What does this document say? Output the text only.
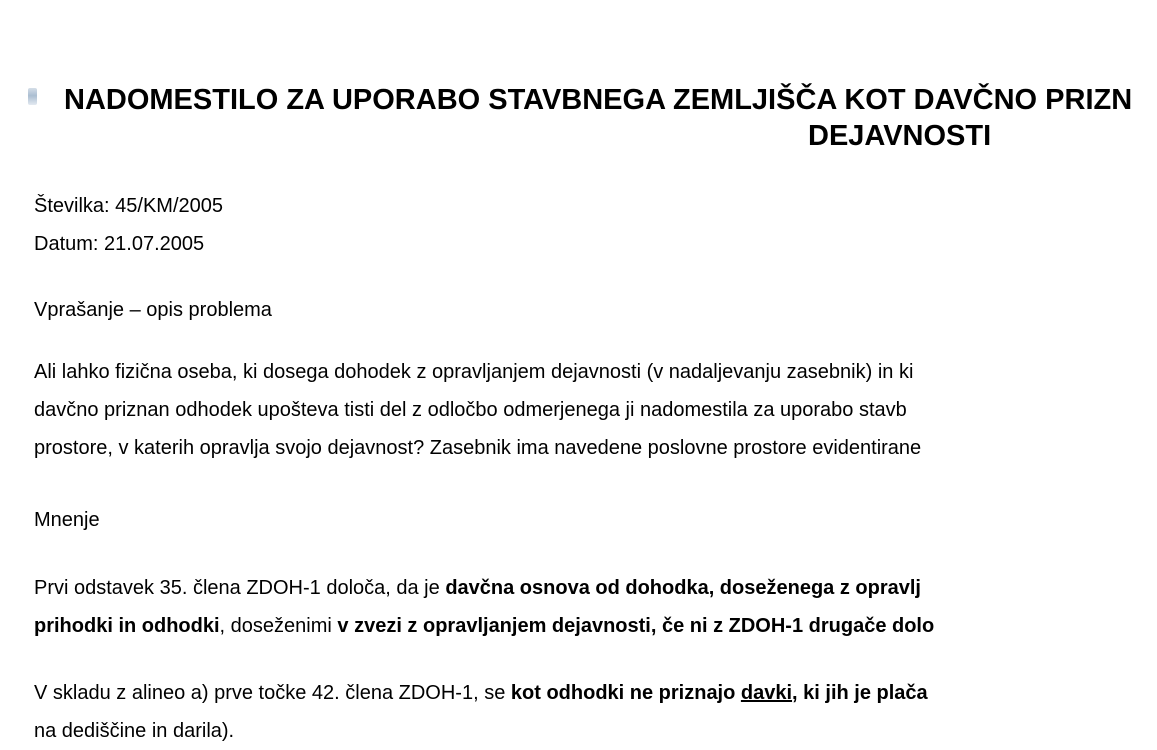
NADOMESTILO ZA UPORABO STAVBNEGA ZEMLJIŠČA KOT DAVČNO PRIZN
DEJAVNOSTI
Številka: 45/KM/2005
Datum: 21.07.2005
Vprašanje – opis problema
Ali lahko fizična oseba, ki dosega dohodek z opravljanjem dejavnosti (v nadaljevanju zasebnik) in ki
davčno priznan odhodek upošteva tisti del z odločbo odmerjenega ji nadomestila za uporabo stavb
prostore, v katerih opravlja svojo dejavnost? Zasebnik ima navedene poslovne prostore evidentirane
Mnenje
Prvi odstavek 35. člena ZDOH-1 določa, da je davčna osnova od dohodka, doseženega z opravlj
prihodki in odhodki, doseženimi v zvezi z opravljanjem dejavnosti, če ni z ZDOH-1 drugače dolo
V skladu z alineo a) prve točke 42. člena ZDOH-1, se kot odhodki ne priznajo davki, ki jih je plača
na dediščine in darila).
